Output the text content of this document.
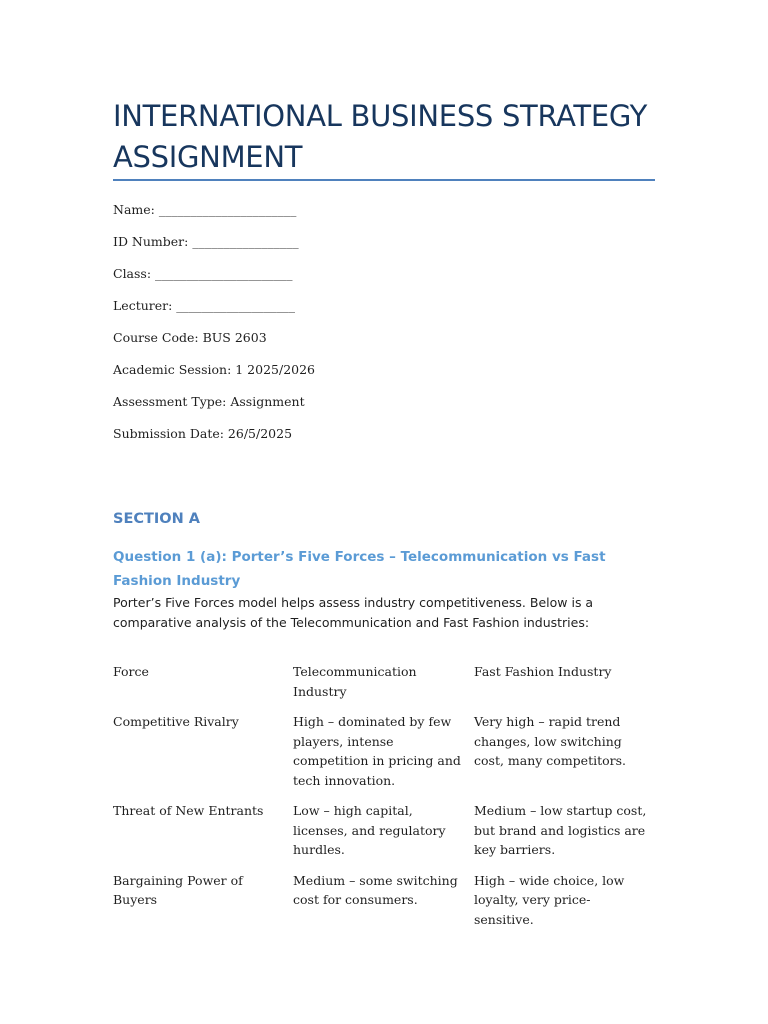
INTERNATIONAL BUSINESS STRATEGY ASSIGNMENT

Name: ______________________

ID Number: _________________

Class: ______________________

Lecturer: ___________________

Course Code: BUS 2603

Academic Session: 1 2025/2026

Assessment Type: Assignment

Submission Date: 26/5/2025

SECTION A
Question 1 (a): Porter’s Five Forces – Telecommunication vs Fast Fashion Industry

Porter’s Five Forces model helps assess industry competitiveness. Below is a comparative analysis of the Telecommunication and Fast Fashion industries:

Force	Telecommunication Industry	Fast Fashion Industry
Competitive Rivalry	High – dominated by few players, intense competition in pricing and tech innovation.	Very high – rapid trend changes, low switching cost, many competitors.
Threat of New Entrants	Low – high capital, licenses, and regulatory hurdles.	Medium – low startup cost, but brand and logistics are key barriers.
Bargaining Power of Buyers	Medium – some switching cost for consumers.	High – wide choice, low loyalty, very price-sensitive.
